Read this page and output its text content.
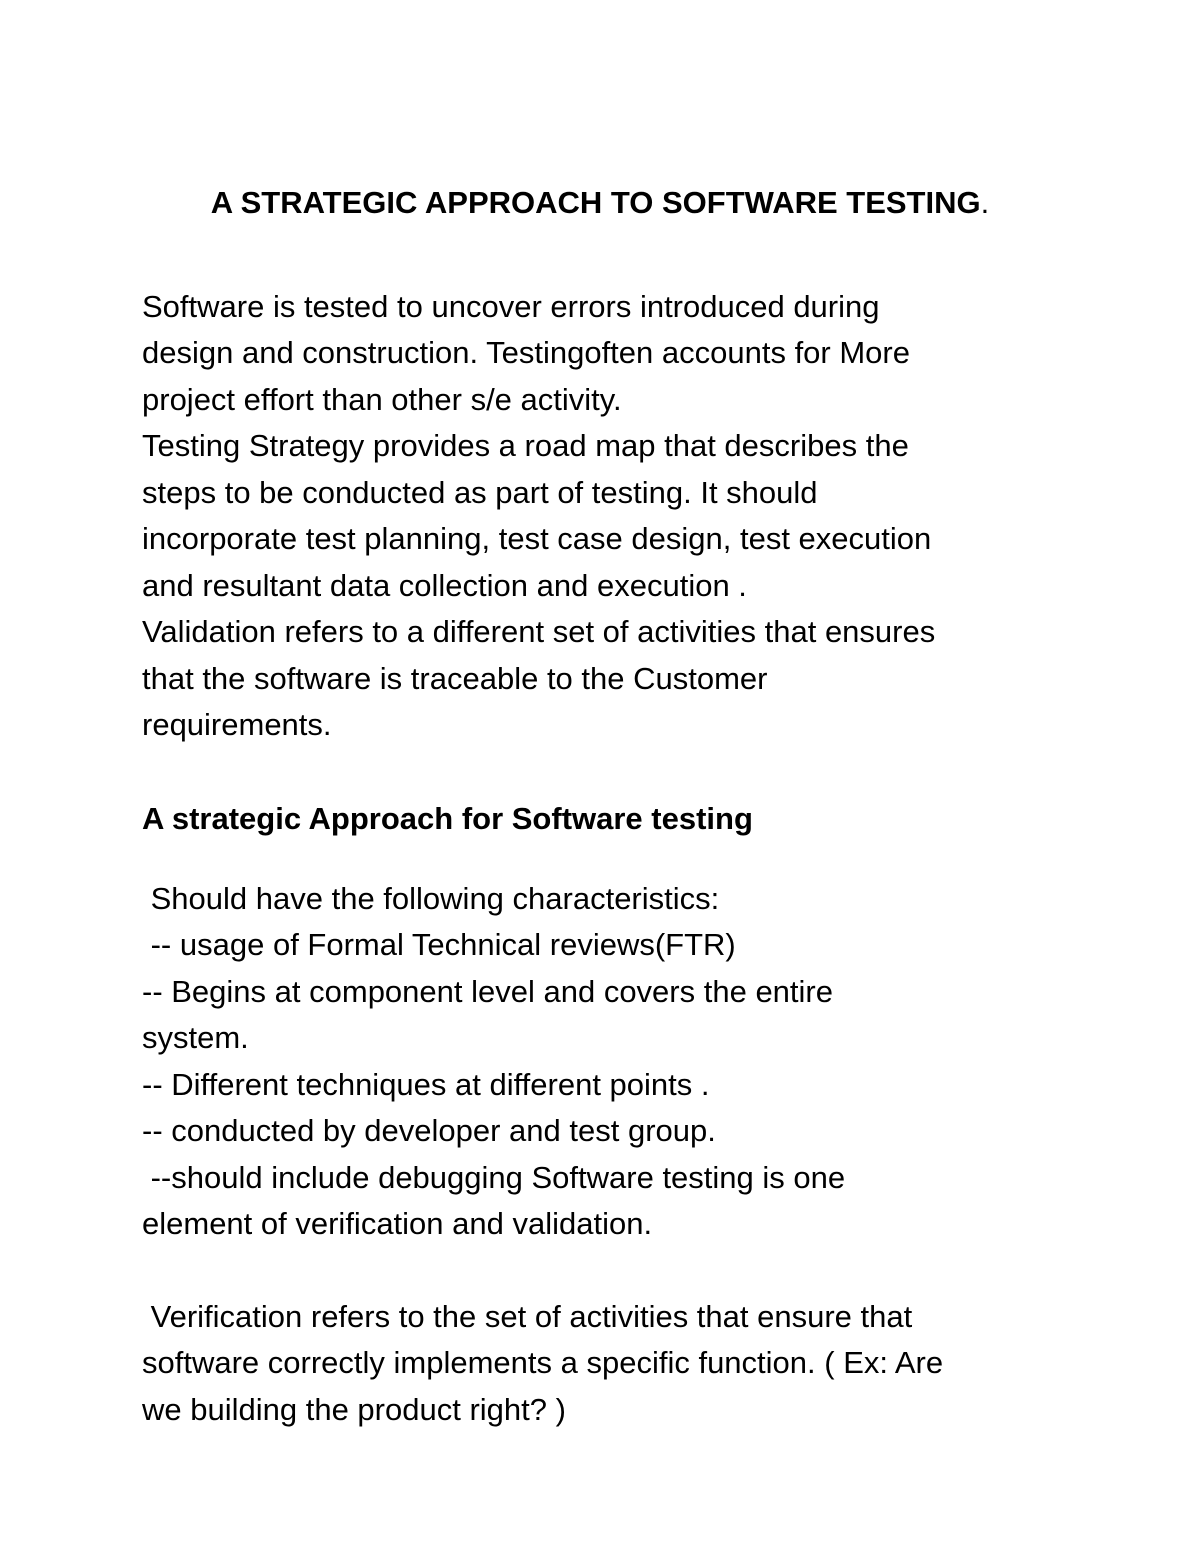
A STRATEGIC APPROACH TO SOFTWARE TESTING.

Software is tested to uncover errors introduced during

design and construction. Testingoften accounts for More

project effort than other s/e activity.

Testing Strategy provides a road map that describes the

steps to be conducted as part of testing. It should

incorporate test planning, test case design, test execution

and resultant data collection and execution .

Validation refers to a different set of activities that ensures

that the software is traceable to the Customer

requirements.

A strategic Approach for Software testing

Should have the following characteristics:

-- usage of Formal Technical reviews(FTR)

-- Begins at component level and covers the entire

system.

-- Different techniques at different points .

-- conducted by developer and test group.

--should include debugging Software testing is one

element of verification and validation.

Verification refers to the set of activities that ensure that

software correctly implements a specific function. ( Ex: Are

we building the product right? )
